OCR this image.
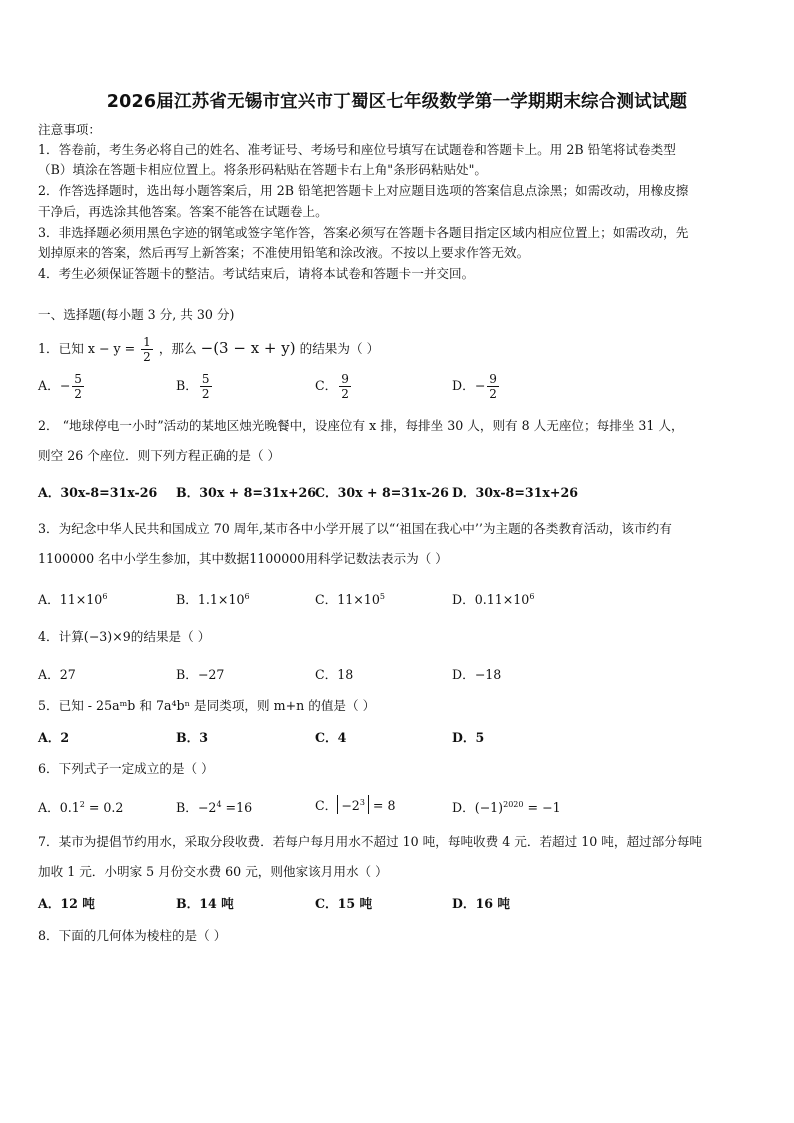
2026届江苏省无锡市宜兴市丁蜀区七年级数学第一学期期末综合测试试题
注意事项：
1．答卷前，考生务必将自己的姓名、准考证号、考场号和座位号填写在试题卷和答题卡上。用 2B 铅笔将试卷类型
（B）填涂在答题卡相应位置上。将条形码粘贴在答题卡右上角"条形码粘贴处"。
2．作答选择题时，选出每小题答案后，用 2B 铅笔把答题卡上对应题目选项的答案信息点涂黑；如需改动，用橡皮擦
干净后，再选涂其他答案。答案不能答在试题卷上。
3．非选择题必须用黑色字迹的钢笔或签字笔作答，答案必须写在答题卡各题目指定区域内相应位置上；如需改动，先
划掉原来的答案，然后再写上新答案；不准使用铅笔和涂改液。不按以上要求作答无效。
4．考生必须保证答题卡的整洁。考试结束后，请将本试卷和答题卡一并交回。
一、选择题(每小题 3 分, 共 30 分)
1．已知 $x - y = \frac{1}{2}$ ，那么 −(3 − x + y) 的结果为（ ）
A．− $\frac{5}{2}$	B． $\frac{5}{2}$	C． $\frac{9}{2}$	D．− $\frac{9}{2}$
2． “地球停电一小时”活动的某地区烛光晚餐中，设座位有 x 排，每排坐 30 人，则有 8 人无座位；每排坐 31 人，
则空 26 个座位．则下列方程正确的是（ ）
A．30x-8=31x-26 B．30x + 8=31x+26
C．30x + 8=31x-26 D．30x-8=31x+26
3．为纪念中华人民共和国成立 70 周年,某市各中小学开展了以“‘祖国在我心中’’为主题的各类教育活动，该市约有
1100000 名中小学生参加，其中数据1100000用科学记数法表示为（ ）
A．$11\times 10^6$	B．$1.1\times 10^6$	C．$11\times 10^5$	D．$0.11\times 10^6$
4．计算(−3)×9的结果是（ ）
A．27	B．−27	C．18	D．−18
5．已知 - 25aᵐb 和 7a⁴bⁿ 是同类项，则 m+n 的值是（ ）
A．2	B．3	C．4	D．5
6．下列式子一定成立的是（ ）
A．$0.1^2 = 0.2$	B．$-2^4 =16$	C． $-2^3 = 8$	D．$(-1)^{2020} = -1$
7．某市为提倡节约用水，采取分段收费．若每户每月用水不超过 10 吨，每吨收费 4 元．若超过 10 吨，超过部分每吨
加收 1 元．小明家 5 月份交水费 60 元，则他家该月用水（ ）
A．12 吨	B．14 吨	C．15 吨	D．16 吨
8．下面的几何体为棱柱的是（ ）
